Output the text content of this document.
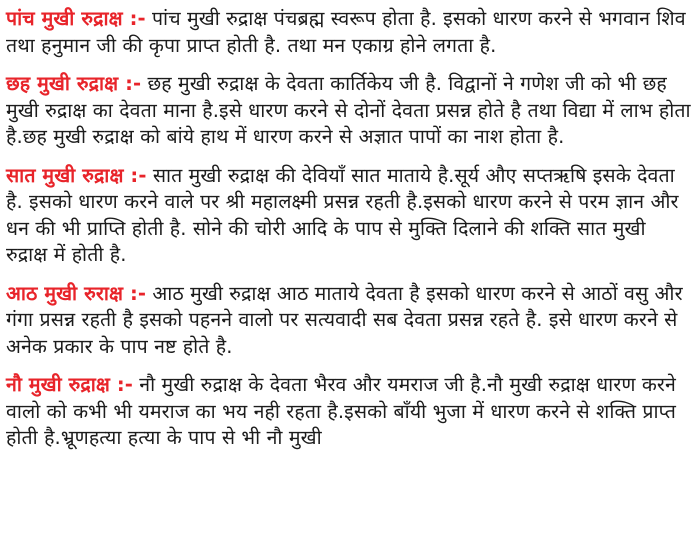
पांच मुखी रुद्राक्ष :- पांच मुखी रुद्राक्ष पंचब्रह्म स्वरूप होता है. इसको धारण करने से भगवान शिव तथा हनुमान जी की कृपा प्राप्त होती है. तथा मन एकाग्र होने लगता है.

छह मुखी रुद्राक्ष :- छह मुखी रुद्राक्ष के देवता कार्तिकेय जी है. विद्वानों ने गणेश जी को भी छह मुखी रुद्राक्ष का देवता माना है.इसे धारण करने से दोनों देवता प्रसन्न होते है तथा विद्या में लाभ होता है.छह मुखी रुद्राक्ष को बांये हाथ में धारण करने से अज्ञात पापों का नाश होता है.

सात मुखी रुद्राक्ष :- सात मुखी रुद्राक्ष की देवियाँ सात माताये है.सूर्य औए सप्तऋषि इसके देवता है. इसको धारण करने वाले पर श्री महालक्ष्मी प्रसन्न रहती है.इसको धारण करने से परम ज्ञान और धन की भी प्राप्ति होती है. सोने की चोरी आदि के पाप से मुक्ति दिलाने की शक्ति सात मुखी रुद्राक्ष में होती है.

आठ मुखी रुराक्ष :- आठ मुखी रुद्राक्ष आठ माताये देवता है इसको धारण करने से आठों वसु और गंगा प्रसन्न रहती है इसको पहनने वालो पर सत्यवादी सब देवता प्रसन्न रहते है. इसे धारण करने से अनेक प्रकार के पाप नष्ट होते है.

नौ मुखी रुद्राक्ष :- नौ मुखी रुद्राक्ष के देवता भैरव और यमराज जी है.नौ मुखी रुद्राक्ष धारण करने वालो को कभी भी यमराज का भय नही रहता है.इसको बाँयी भुजा में धारण करने से शक्ति प्राप्त होती है.भ्रूणहत्या हत्या के पाप से भी नौ मुखी
